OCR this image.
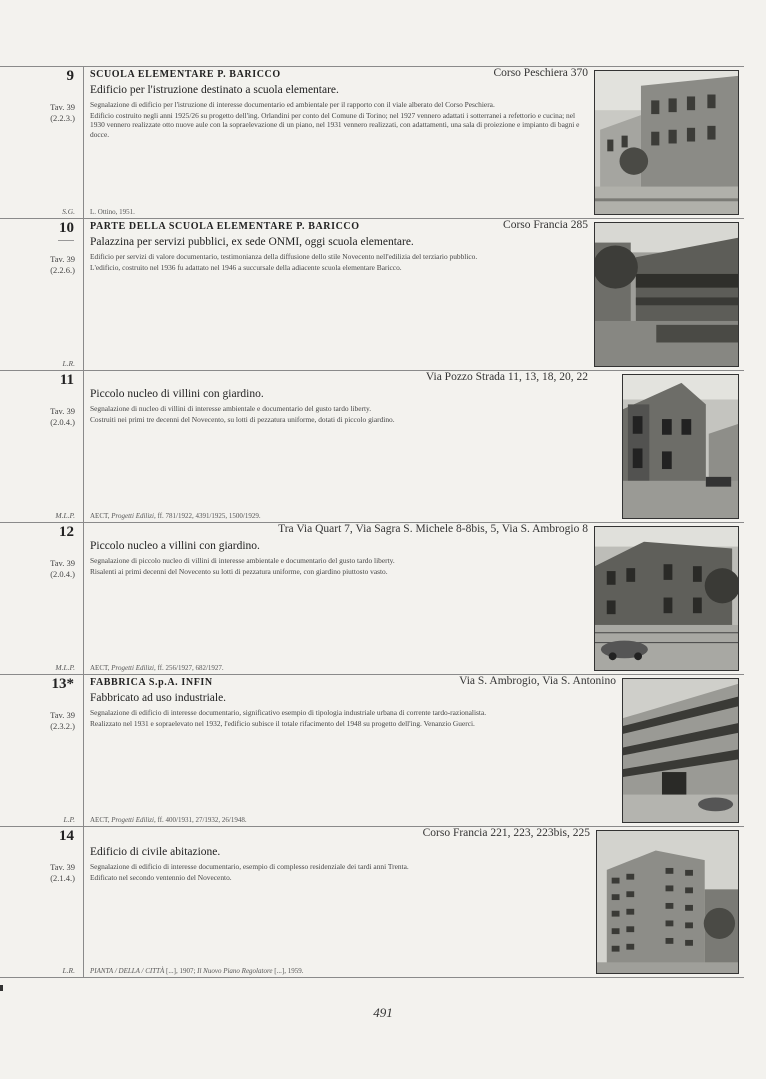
9
Tav. 39
(2.2.3.)
S.G.
SCUOLA ELEMENTARE P. BARICCO	Corso Peschiera 370
Edificio per l'istruzione destinato a scuola elementare.

Segnalazione di edificio per l'istruzione di interesse documentario ed ambientale per il rapporto con il viale alberato del Corso Peschiera.

Edificio costruito negli anni 1925/26 su progetto dell'ing. Orlandini per conto del Comune di Torino; nel 1927 vennero adattati i sotterranei a refettorio e cucina; nel 1930 vennero realizzate otto nuove aule con la sopraelevazione di un piano, nel 1931 vennero realizzati, con adattamenti, una sala di proiezione e impianto di bagni e docce.

L. Ottino, 1951.
10
Tav. 39
(2.2.6.)
L.R.
PARTE DELLA SCUOLA ELEMENTARE P. BARICCO	Corso Francia 285
Palazzina per servizi pubblici, ex sede ONMI, oggi scuola elementare.

Edificio per servizi di valore documentario, testimonianza della diffusione dello stile Novecento nell'edilizia del terziario pubblico.

L'edificio, costruito nel 1936 fu adattato nel 1946 a succursale della adiacente scuola elementare Baricco.

11
Tav. 39
(2.0.4.)
M.L.P.
Via Pozzo Strada 11, 13, 18, 20, 22
Piccolo nucleo di villini con giardino.

Segnalazione di nucleo di villini di interesse ambientale e documentario del gusto tardo liberty.

Costruiti nei primi tre decenni del Novecento, su lotti di pezzatura uniforme, dotati di piccolo giardino.

AECT, Progetti Edilizi, ff. 781/1922, 4391/1925, 1500/1929.
12
Tav. 39
(2.0.4.)
M.L.P.
Tra Via Quart 7, Via Sagra S. Michele 8-8bis, 5, Via S. Ambrogio 8
Piccolo nucleo a villini con giardino.

Segnalazione di piccolo nucleo di villini di interesse ambientale e documentario del gusto tardo liberty.

Risalenti ai primi decenni del Novecento su lotti di pezzatura uniforme, con giardino piuttosto vasto.

AECT, Progetti Edilizi, ff. 256/1927, 682/1927.
13*
Tav. 39
(2.3.2.)
L.P.
FABBRICA S.p.A. INFIN	Via S. Ambrogio, Via S. Antonino
Fabbricato ad uso industriale.

Segnalazione di edificio di interesse documentario, significativo esempio di tipologia industriale urbana di corrente tardo-razionalista.

Realizzato nel 1931 e sopraelevato nel 1932, l'edificio subisce il totale rifacimento del 1948 su progetto dell'ing. Venanzio Guerci.

AECT, Progetti Edilizi, ff. 400/1931, 27/1932, 26/1948.
14
Tav. 39
(2.1.4.)
L.R.
Corso Francia 221, 223, 223bis, 225
Edificio di civile abitazione.

Segnalazione di edificio di interesse documentario, esempio di complesso residenziale dei tardi anni Trenta.

Edificato nel secondo ventennio del Novecento.

PIANTA / DELLA / CITTÀ [...], 1907; Il Nuovo Piano Regolatore [...], 1959.
491
